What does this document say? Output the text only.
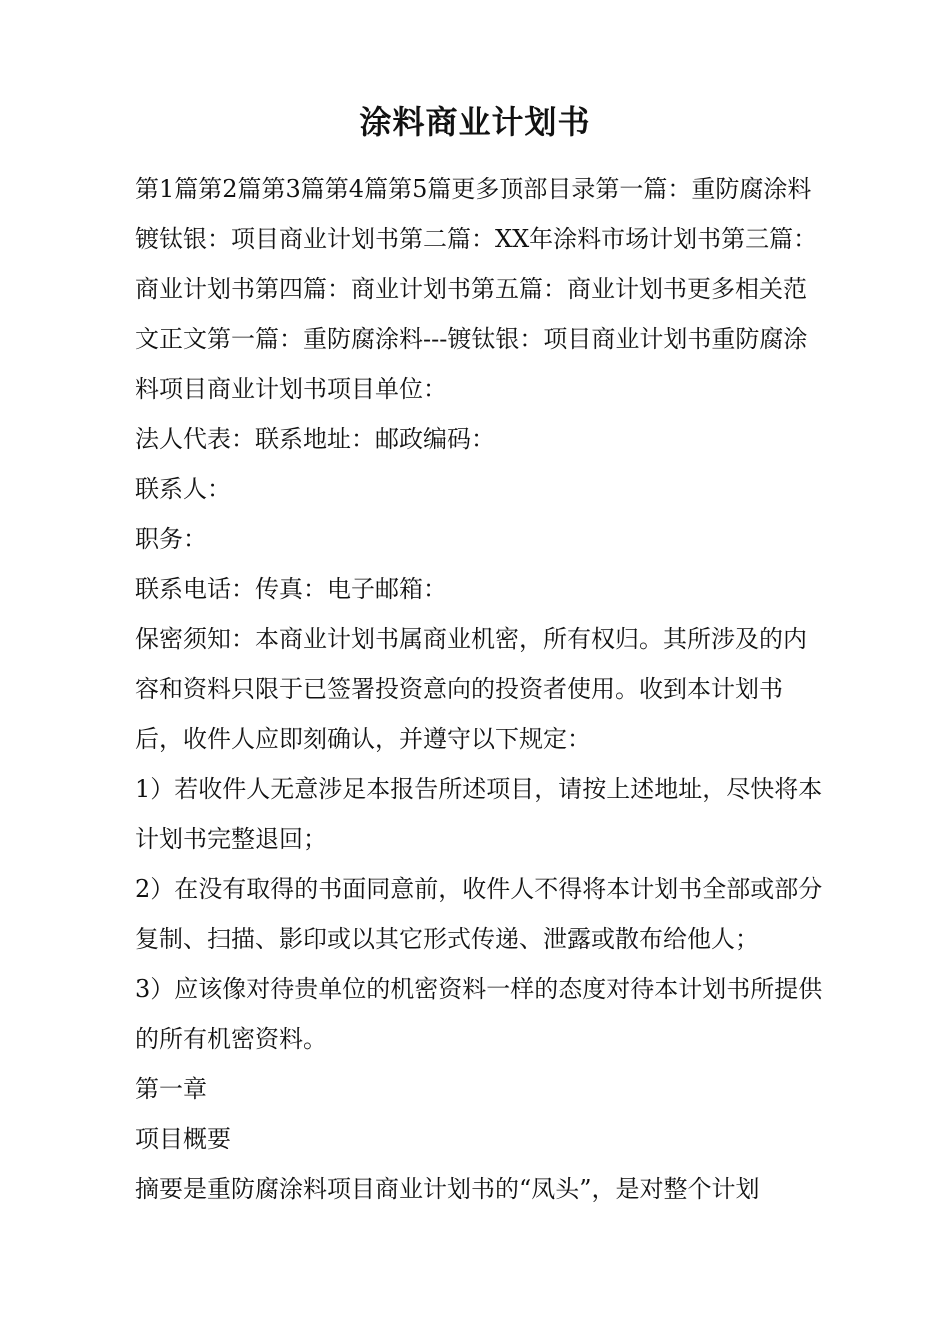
涂料商业计划书

第1篇第2篇第3篇第4篇第5篇更多顶部目录第一篇：重防腐涂料镀钛银：项目商业计划书第二篇：XX年涂料市场计划书第三篇：商业计划书第四篇：商业计划书第五篇：商业计划书更多相关范文正文第一篇：重防腐涂料---镀钛银：项目商业计划书重防腐涂料项目商业计划书项目单位：

法人代表：联系地址：邮政编码：

联系人：

职务：

联系电话：传真：电子邮箱：

保密须知：本商业计划书属商业机密，所有权归。其所涉及的内容和资料只限于已签署投资意向的投资者使用。收到本计划书后，收件人应即刻确认，并遵守以下规定：

1）若收件人无意涉足本报告所述项目，请按上述地址，尽快将本计划书完整退回；

2）在没有取得的书面同意前，收件人不得将本计划书全部或部分复制、扫描、影印或以其它形式传递、泄露或散布给他人；

3）应该像对待贵单位的机密资料一样的态度对待本计划书所提供的所有机密资料。

第一章

项目概要

摘要是重防腐涂料项目商业计划书的“凤头”，是对整个计划
